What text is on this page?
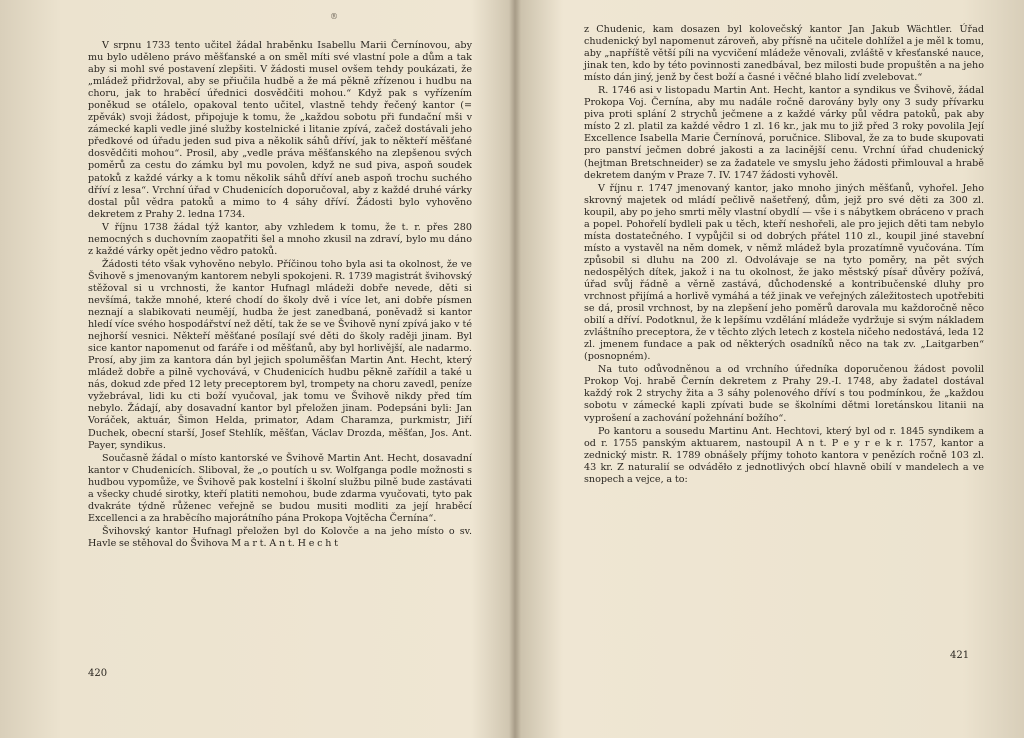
®

V srpnu 1733 tento učitel žádal hraběnku Isabellu Marii Černínovou, aby mu bylo uděleno právo měšťanské a on směl míti své vlastní pole a dům a tak aby si mohl své postavení zlepšiti. V žádosti musel ovšem tehdy poukázati, že „mládež přidržoval, aby se přiučila hudbě a že má pěkně zřízenou i hudbu na choru, jak to hraběcí úřednici dosvědčiti mohou.“ Když pak s vyřízením poněkud se otálelo, opakoval tento učitel, vlastně tehdy řečený kantor (= zpěvák) svoji žádost, připojuje k tomu, že „každou sobotu při fundační mši v zámecké kapli vedle jiné služby kostelnické i litanie zpívá, začež dostávali jeho předkové od úřadu jeden sud piva a několik sáhů dříví, jak to někteří měšťané dosvědčiti mohou“. Prosil, aby „vedle práva měšťanského na zlepšenou svých poměrů za cestu do zámku byl mu povolen, když ne sud piva, aspoň soudek patoků z každé várky a k tomu několik sáhů dříví aneb aspoň trochu suchého dříví z lesa“. Vrchní úřad v Chudenicích doporučoval, aby z každé druhé várky dostal půl vědra patoků a mimo to 4 sáhy dříví. Žádosti bylo vyhověno dekretem z Prahy 2. ledna 1734.

V říjnu 1738 žádal týž kantor, aby vzhledem k tomu, že t. r. přes 280 nemocných s duchovním zaopatřiti šel a mnoho zkusil na zdraví, bylo mu dáno z každé várky opět jedno vědro patoků.

Žádosti této však vyhověno nebylo. Příčinou toho byla asi ta okolnost, že ve Švihově s jmenovaným kantorem nebyli spokojeni. R. 1739 magistrát švihovský stěžoval si u vrchnosti, že kantor Hufnagl mládeži dobře nevede, děti si nevšímá, takže mnohé, které chodí do školy dvě i více let, ani dobře písmen neznají a slabikovati neumějí, hudba že jest zanedbaná, poněvadž si kantor hledí více svého hospodářství než dětí, tak že se ve Švihově nyní zpívá jako v té nejhorší vesnici. Někteří měšťané posílají své děti do školy raději jinam. Byl sice kantor napomenut od faráře i od měšťanů, aby byl horlivější, ale nadarmo. Prosí, aby jim za kantora dán byl jejich spoluměšťan Martin Ant. Hecht, který mládež dobře a pilně vychovává, v Chudenicích hudbu pěkně zařídil a také u nás, dokud zde před 12 lety preceptorem byl, trompety na choru zavedl, peníze vyžebrával, lidi ku cti boží vyučoval, jak tomu ve Švihově nikdy před tím nebylo. Žádají, aby dosavadní kantor byl přeložen jinam. Podepsáni byli: Jan Voráček, aktuár, Šimon Helda, primator, Adam Charamza, purkmistr, Jiří Duchek, obecní starší, Josef Stehlík, měšťan, Václav Drozda, měšťan, Jos. Ant. Payer, syndikus.

Současně žádal o místo kantorské ve Švihově Martin Ant. Hecht, dosavadní kantor v Chudenicích. Sliboval, že „o poutích u sv. Wolfganga podle možnosti s hudbou vypomůže, ve Švihově pak kostelní i školní službu pilně bude zastávati a všecky chudé sirotky, kteří platiti nemohou, bude zdarma vyučovati, tyto pak dvakráte týdně růženec veřejně se budou musiti modliti za její hraběcí Excellenci a za hraběcího majorátního pána Prokopa Vojtěcha Černína“.

Švihovský kantor Hufnagl přeložen byl do Kolovče a na jeho místo o sv. Havle se stěhoval do Švihova M a r t. A n t. H e c h t

420

z Chudenic, kam dosazen byl kolovečský kantor Jan Jakub Wächtler. Úřad chudenický byl napomenut zároveň, aby přísně na učitele dohlížel a je měl k tomu, aby „napříště větší píli na vycvičení mládeže věnovali, zvláště v křesťanské nauce, jinak ten, kdo by této povinnosti zanedbával, bez milosti bude propuštěn a na jeho místo dán jiný, jenž by čest boží a časné i věčné blaho lidí zvelebovat.“

R. 1746 asi v listopadu Martin Ant. Hecht, kantor a syndikus ve Švihově, žádal Prokopa Voj. Černína, aby mu nadále ročně darovány byly ony 3 sudy přívarku piva proti splání 2 strychů ječmene a z každé várky půl vědra patoků, pak aby místo 2 zl. platil za každé vědro 1 zl. 16 kr., jak mu to již před 3 roky povolila Její Excellence Isabella Marie Černínová, poručnice. Sliboval, že za to bude skupovati pro panství ječmen dobré jakosti a za lacinější cenu. Vrchní úřad chudenický (hejtman Bretschneider) se za žadatele ve smyslu jeho žádosti přimlouval a hrabě dekretem daným v Praze 7. IV. 1747 žádosti vyhověl.

V říjnu r. 1747 jmenovaný kantor, jako mnoho jiných měšťanů, vyhořel. Jeho skrovný majetek od mládí pečlivě našetřený, dům, jejž pro své děti za 300 zl. koupil, aby po jeho smrti měly vlastní obydlí — vše i s nábytkem obráceno v prach a popel. Pohořelí bydleli pak u těch, kteří neshořeli, ale pro jejich děti tam nebylo místa dostatečného. I vypůjčil si od dobrých přátel 110 zl., koupil jiné stavební místo a vystavěl na něm domek, v němž mládež byla prozatímně vyučována. Tím způsobil si dluhu na 200 zl. Odvolávaje se na tyto poměry, na pět svých nedospělých dítek, jakož i na tu okolnost, že jako městský písař důvěry požívá, úřad svůj řádně a věrně zastává, důchodenské a kontribučenské dluhy pro vrchnost přijímá a horlivě vymáhá a též jinak ve veřejných záležitostech upotřebiti se dá, prosil vrchnost, by na zlepšení jeho poměrů darovala mu každoročně něco obilí a dříví. Podotknul, že k lepšímu vzdělání mládeže vydržuje si svým nákladem zvláštního preceptora, že v těchto zlých letech z kostela ničeho nedostává, leda 12 zl. jmenem fundace a pak od některých osadníků něco na tak zv. „Laitgarben“ (posnopném).

Na tuto odůvodněnou a od vrchního úředníka doporučenou žádost povolil Prokop Voj. hrabě Černín dekretem z Prahy 29.-I. 1748, aby žadatel dostával každý rok 2 strychy žita a 3 sáhy polenového dříví s tou podmínkou, že „každou sobotu v zámecké kapli zpívati bude se školními dětmi loretánskou litanii na vyprošení a zachování požehnání božího“.

Po kantoru a sousedu Martinu Ant. Hechtovi, který byl od r. 1845 syndikem a od r. 1755 panským aktuarem, nastoupil A n t. P e y r e k r. 1757, kantor a zednický mistr. R. 1789 obnášely příjmy tohoto kantora v penězích ročně 103 zl. 43 kr. Z naturalií se odváděło z jednotlivých obcí hlavně obilí v mandelech a ve snopech a vejce, a to:

421
